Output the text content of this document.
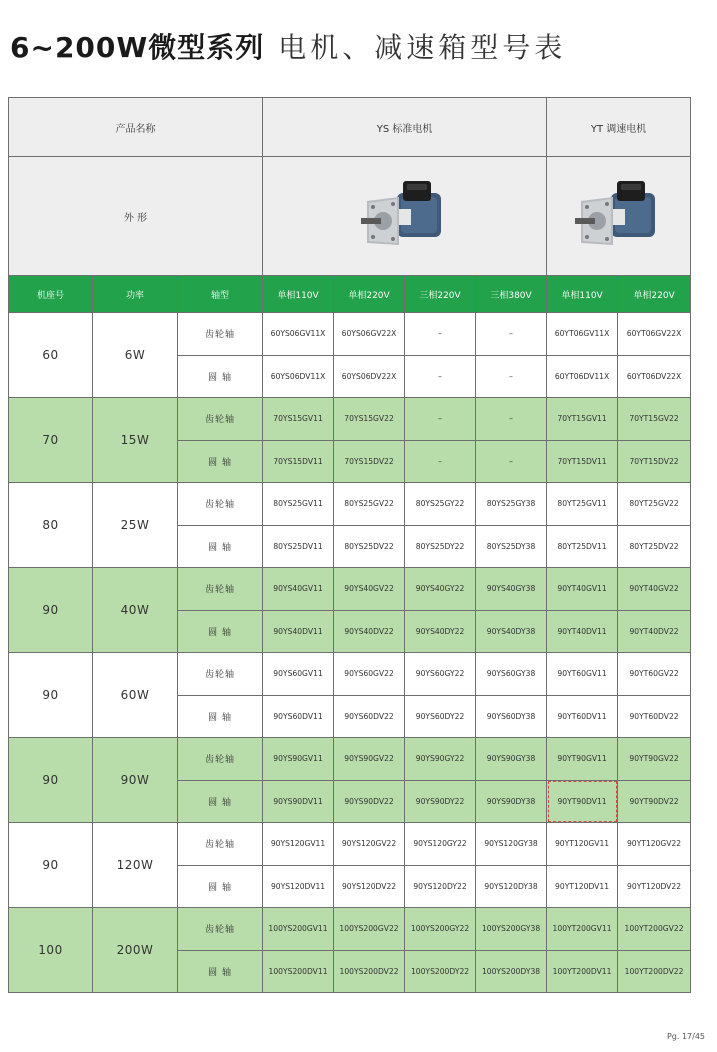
6~200W微型系列 电机、减速箱型号表
产品名称			YS 标准电机				YT 调速电机	
外 形	

机座号	功率	轴型	单相110V	单相220V	三相220V	三相380V	单相110V	单相220V
60	6W	齿轮轴	60YS06GV11X	60YS06GV22X	–	–	60YT06GV11X	60YT06GV22X
		圆 轴	60YS06DV11X	60YS06DV22X	–	–	60YT06DV11X	60YT06DV22X
70	15W	齿轮轴	70YS15GV11	70YS15GV22	–	–	70YT15GV11	70YT15GV22
		圆 轴	70YS15DV11	70YS15DV22	–	–	70YT15DV11	70YT15DV22
80	25W	齿轮轴	80YS25GV11	80YS25GV22	80YS25GY22	80YS25GY38	80YT25GV11	80YT25GV22
		圆 轴	80YS25DV11	80YS25DV22	80YS25DY22	80YS25DY38	80YT25DV11	80YT25DV22
90	40W	齿轮轴	90YS40GV11	90YS40GV22	90YS40GY22	90YS40GY38	90YT40GV11	90YT40GV22
		圆 轴	90YS40DV11	90YS40DV22	90YS40DY22	90YS40DY38	90YT40DV11	90YT40DV22
90	60W	齿轮轴	90YS60GV11	90YS60GV22	90YS60GY22	90YS60GY38	90YT60GV11	90YT60GV22
		圆 轴	90YS60DV11	90YS60DV22	90YS60DY22	90YS60DY38	90YT60DV11	90YT60DV22
90	90W	齿轮轴	90YS90GV11	90YS90GV22	90YS90GY22	90YS90GY38	90YT90GV11	90YT90GV22
		圆 轴	90YS90DV11	90YS90DV22	90YS90DY22	90YS90DY38	90YT90DV11	90YT90DV22
90	120W	齿轮轴	90YS120GV11	90YS120GV22	90YS120GY22	90YS120GY38	90YT120GV11	90YT120GV22
		圆 轴	90YS120DV11	90YS120DV22	90YS120DY22	90YS120DY38	90YT120DV11	90YT120DV22
100	200W	齿轮轴	100YS200GV11	100YS200GV22	100YS200GY22	100YS200GY38	100YT200GV11	100YT200GV22
		圆 轴	100YS200DV11	100YS200DV22	100YS200DY22	100YS200DY38	100YT200DV11	100YT200DV22
Pg. 17/45
